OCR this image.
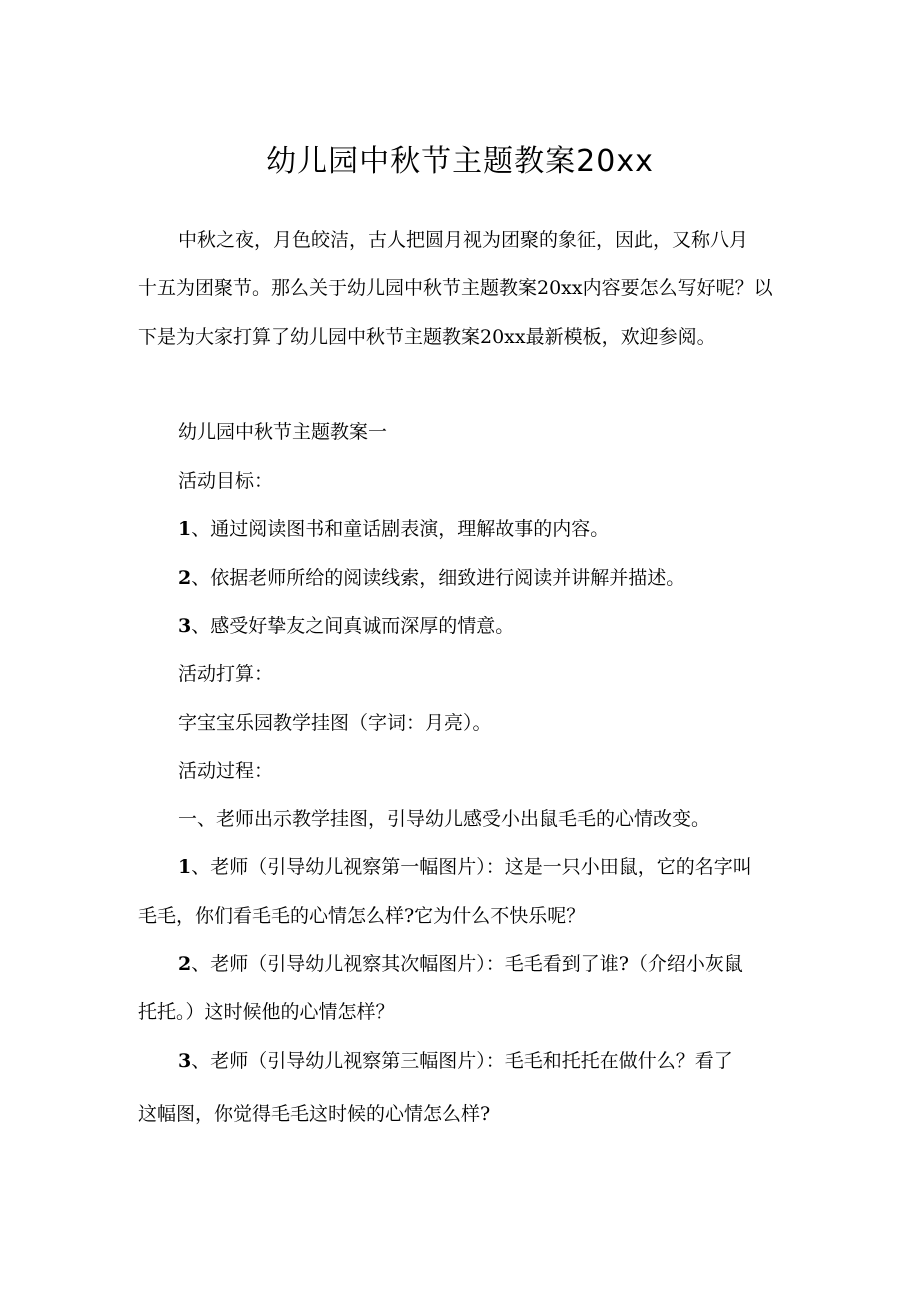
幼儿园中秋节主题教案20xx
中秋之夜，月色皎洁，古人把圆月视为团聚的象征，因此，又称八月
十五为团聚节。那么关于幼儿园中秋节主题教案20xx内容要怎么写好呢？以
下是为大家打算了幼儿园中秋节主题教案20xx最新模板，欢迎参阅。
幼儿园中秋节主题教案一
活动目标：
1、通过阅读图书和童话剧表演，理解故事的内容。
2、依据老师所给的阅读线索，细致进行阅读并讲解并描述。
3、感受好挚友之间真诚而深厚的情意。
活动打算：
字宝宝乐园教学挂图（字词：月亮）。
活动过程：
一、老师出示教学挂图，引导幼儿感受小出鼠毛毛的心情改变。
1、老师（引导幼儿视察第一幅图片）：这是一只小田鼠，它的名字叫
毛毛，你们看毛毛的心情怎么样?它为什么不快乐呢？
2、老师（引导幼儿视察其次幅图片）：毛毛看到了谁?（介绍小灰鼠
托托。）这时候他的心情怎样？
3、老师（引导幼儿视察第三幅图片）：毛毛和托托在做什么？看了
这幅图，你觉得毛毛这时候的心情怎么样?
